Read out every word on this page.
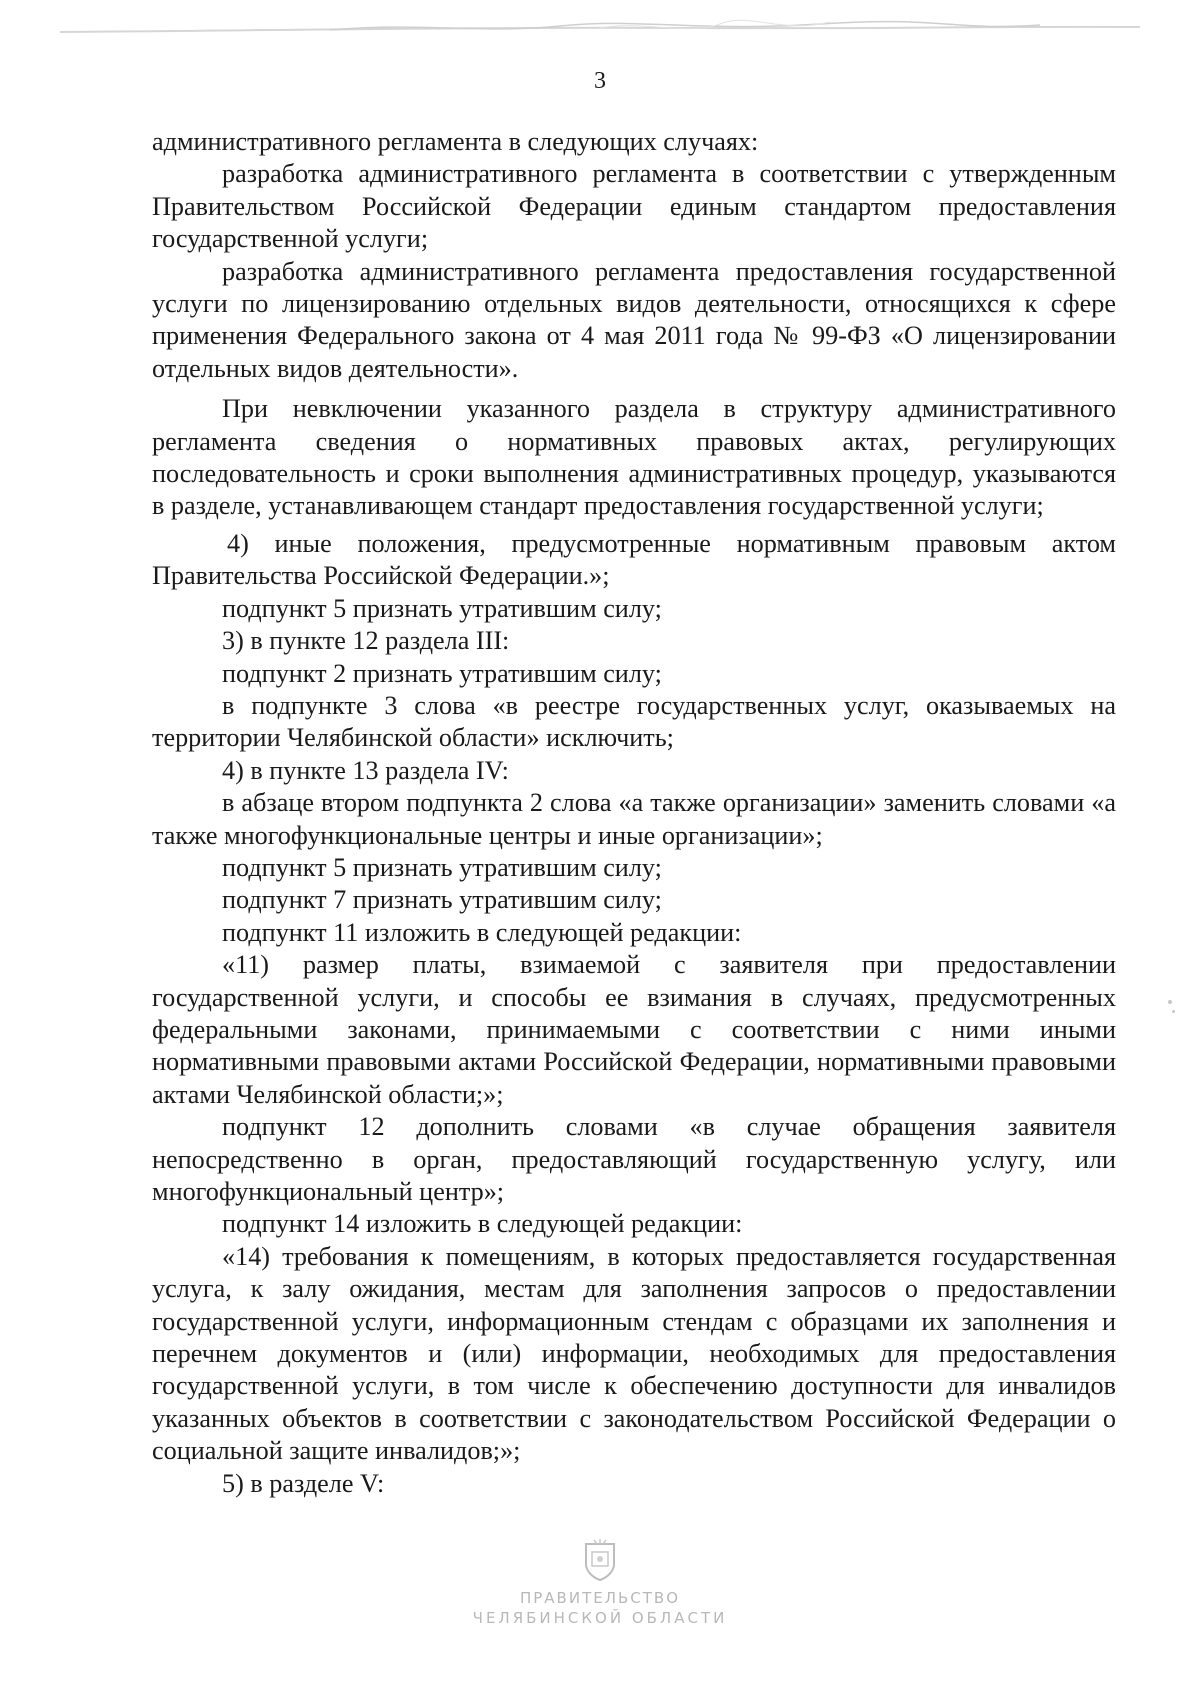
3

административного регламента в следующих случаях:

разработка административного регламента в соответствии с утвержденным Правительством Российской Федерации единым стандартом предоставления государственной услуги;

разработка административного регламента предоставления государственной услуги по лицензированию отдельных видов деятельности, относящихся к сфере применения Федерального закона от 4 мая 2011 года № 99-ФЗ «О лицензировании отдельных видов деятельности».

При невключении указанного раздела в структуру административного регламента сведения о нормативных правовых актах, регулирующих последовательность и сроки выполнения административных процедур, указываются в разделе, устанавливающем стандарт предоставления государственной услуги;

4) иные положения, предусмотренные нормативным правовым актом Правительства Российской Федерации.»;

подпункт 5 признать утратившим силу;

3) в пункте 12 раздела III:

подпункт 2 признать утратившим силу;

в подпункте 3 слова «в реестре государственных услуг, оказываемых на территории Челябинской области» исключить;

4) в пункте 13 раздела IV:

в абзаце втором подпункта 2 слова «а также организации» заменить словами «а также многофункциональные центры и иные организации»;

подпункт 5 признать утратившим силу;

подпункт 7 признать утратившим силу;

подпункт 11 изложить в следующей редакции:

«11) размер платы, взимаемой с заявителя при предоставлении государственной услуги, и способы ее взимания в случаях, предусмотренных федеральными законами, принимаемыми с соответствии с ними иными нормативными правовыми актами Российской Федерации, нормативными правовыми актами Челябинской области;»;

подпункт 12 дополнить словами «в случае обращения заявителя непосредственно в орган, предоставляющий государственную услугу, или многофункциональный центр»;

подпункт 14 изложить в следующей редакции:

«14) требования к помещениям, в которых предоставляется государственная услуга, к залу ожидания, местам для заполнения запросов о предоставлении государственной услуги, информационным стендам с образцами их заполнения и перечнем документов и (или) информации, необходимых для предоставления государственной услуги, в том числе к обеспечению доступности для инвалидов указанных объектов в соответствии с законодательством Российской Федерации о социальной защите инвалидов;»;

5) в разделе V:

ПРАВИТЕЛЬСТВО
ЧЕЛЯБИНСКОЙ ОБЛАСТИ
